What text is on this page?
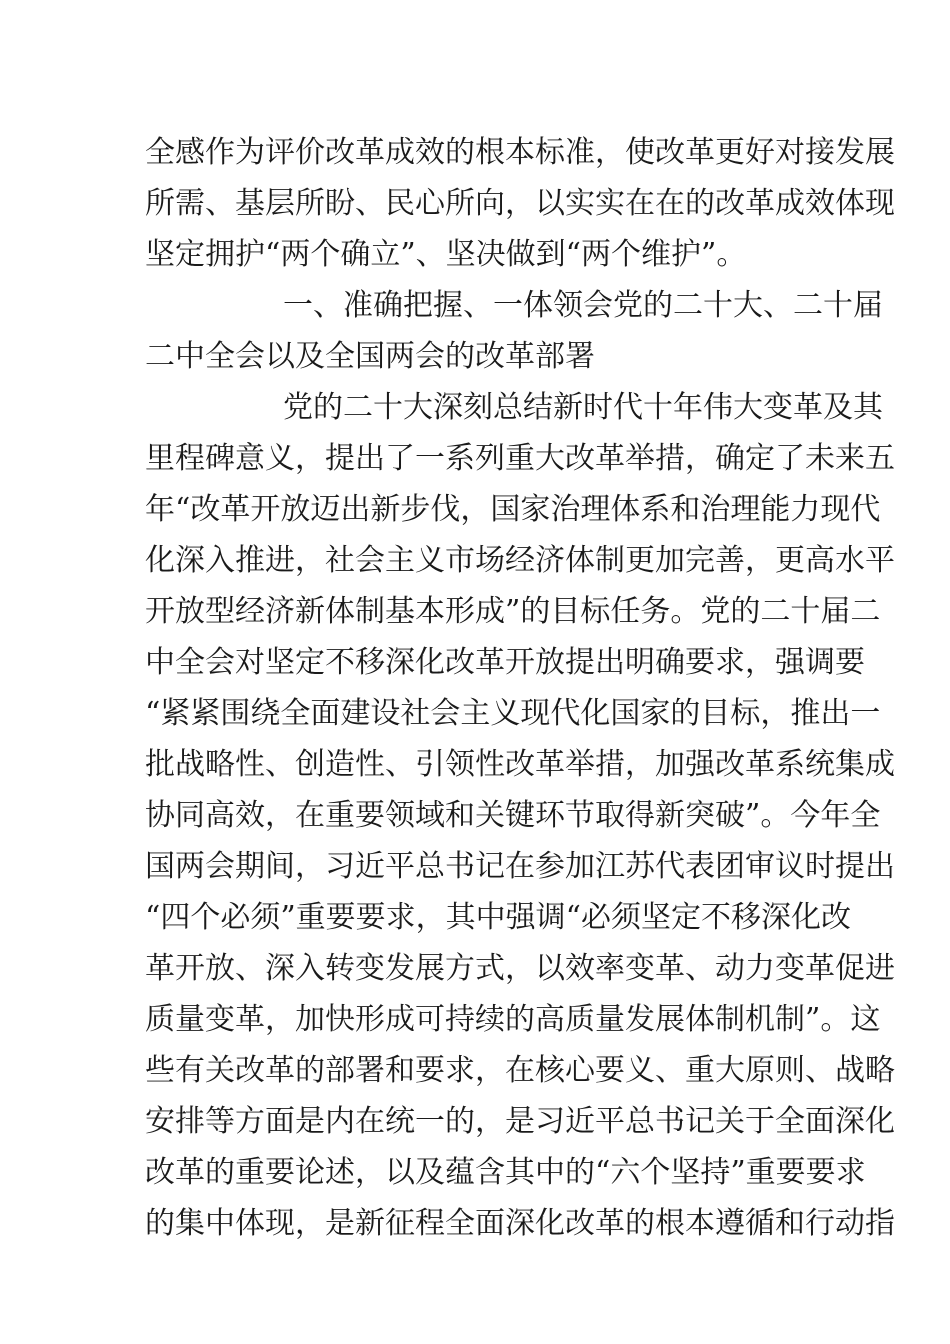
全感作为评价改革成效的根本标准，使改革更好对接发展
所需、基层所盼、民心所向，以实实在在的改革成效体现
坚定拥护“两个确立”、坚决做到“两个维护”。
一、准确把握、一体领会党的二十大、二十届
二中全会以及全国两会的改革部署
党的二十大深刻总结新时代十年伟大变革及其
里程碑意义，提出了一系列重大改革举措，确定了未来五
年“改革开放迈出新步伐，国家治理体系和治理能力现代
化深入推进，社会主义市场经济体制更加完善，更高水平
开放型经济新体制基本形成”的目标任务。党的二十届二
中全会对坚定不移深化改革开放提出明确要求，强调要
“紧紧围绕全面建设社会主义现代化国家的目标，推出一
批战略性、创造性、引领性改革举措，加强改革系统集成
协同高效，在重要领域和关键环节取得新突破”。今年全
国两会期间，习近平总书记在参加江苏代表团审议时提出
“四个必须”重要要求，其中强调“必须坚定不移深化改
革开放、深入转变发展方式，以效率变革、动力变革促进
质量变革，加快形成可持续的高质量发展体制机制”。这
些有关改革的部署和要求，在核心要义、重大原则、战略
安排等方面是内在统一的，是习近平总书记关于全面深化
改革的重要论述，以及蕴含其中的“六个坚持”重要要求
的集中体现，是新征程全面深化改革的根本遵循和行动指
